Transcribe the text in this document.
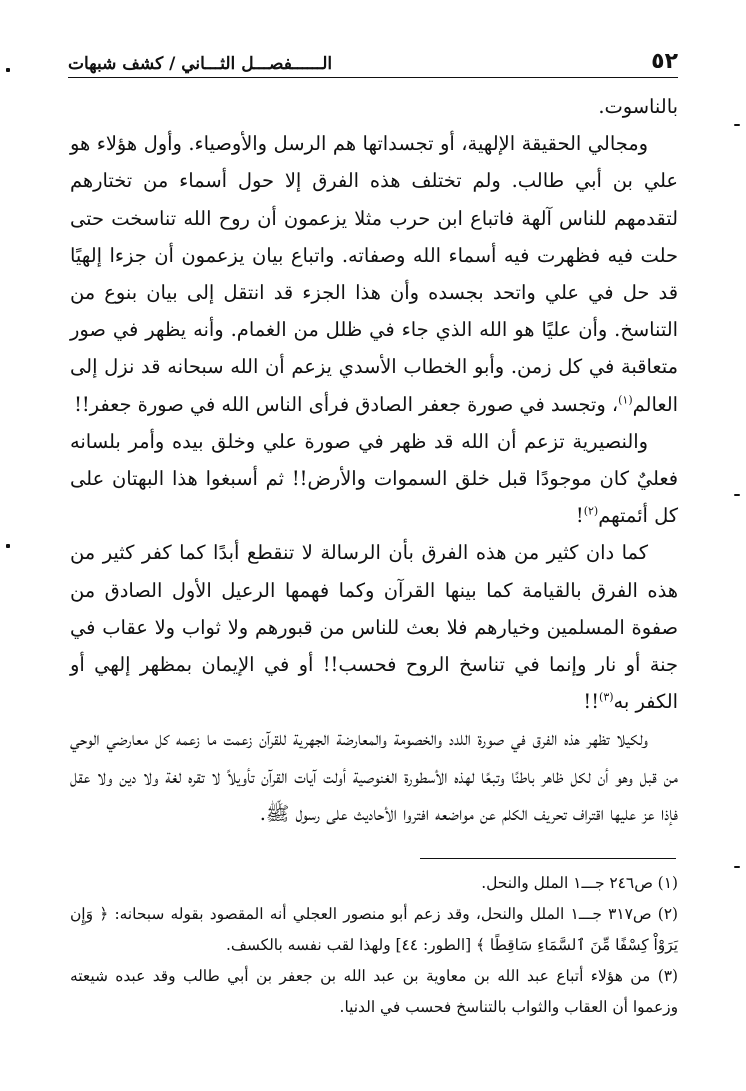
٥٢
الــــــفصـــل الثـــاني / كشف شبهات

بالناسوت.

ومجالي الحقيقة الإلهية، أو تجسداتها هم الرسل والأوصياء. وأول هؤلاء هو علي بن أبي طالب. ولم تختلف هذه الفرق إلا حول أسماء من تختارهم لتقدمهم للناس آلهة فاتباع ابن حرب مثلا يزعمون أن روح الله تناسخت حتى حلت فيه فظهرت فيه أسماء الله وصفاته. واتباع بيان يزعمون أن جزءا إلهيًا قد حل في علي واتحد بجسده وأن هذا الجزء قد انتقل إلى بيان بنوع من التناسخ. وأن عليًا هو الله الذي جاء في ظلل من الغمام. وأنه يظهر في صور متعاقبة في كل زمن. وأبو الخطاب الأسدي يزعم أن الله سبحانه قد نزل إلى العالم$^{(١)}$، وتجسد في صورة جعفر الصادق فرأى الناس الله في صورة جعفر!!

والنصيرية تزعم أن الله قد ظهر في صورة علي وخلق بيده وأمر بلسانه فعليٌ كان موجودًا قبل خلق السموات والأرض!! ثم أسبغوا هذا البهتان على كل أئمتهم$^{(٢)}$!

كما دان كثير من هذه الفرق بأن الرسالة لا تنقطع أبدًا كما كفر كثير من هذه الفرق بالقيامة كما بينها القرآن وكما فهمها الرعيل الأول الصادق من صفوة المسلمين وخيارهم فلا بعث للناس من قبورهم ولا ثواب ولا عقاب في جنة أو نار وإنما في تناسخ الروح فحسب!! أو في الإيمان بمظهر إلهي أو الكفر به$^{(٣)}$!!

ولكيلا تظهر هذه الفرق في صورة اللدد والخصومة والمعارضة الجهرية للقرآن زعمت ما زعمه كل معارضي الوحي من قبل وهو أن لكل ظاهر باطنًا وتبعًا لهذه الأسطورة الغنوصية أولت آيات القرآن تأويلاً لا تقره لغة ولا دين ولا عقل فإذا عز عليها اقتراف تحريف الكلم عن مواضعه افتروا الأحاديث على رسول ﷺ.

(١) ص٢٤٦ جـــ١ الملل والنحل.

(٢) ص٣١٧ جـــ١ الملل والنحل، وقد زعم أبو منصور العجلي أنه المقصود بقوله سبحانه: ﴿ وَإِن يَرَوْاْ كِسْفًا مِّنَ ٱلسَّمَاءِ سَاقِطًا ﴾ [الطور: ٤٤] ولهذا لقب نفسه بالكسف.

(٣) من هؤلاء أتباع عبد الله بن معاوية بن عبد الله بن جعفر بن أبي طالب وقد عبده شيعته وزعموا أن العقاب والثواب بالتناسخ فحسب في الدنيا.
